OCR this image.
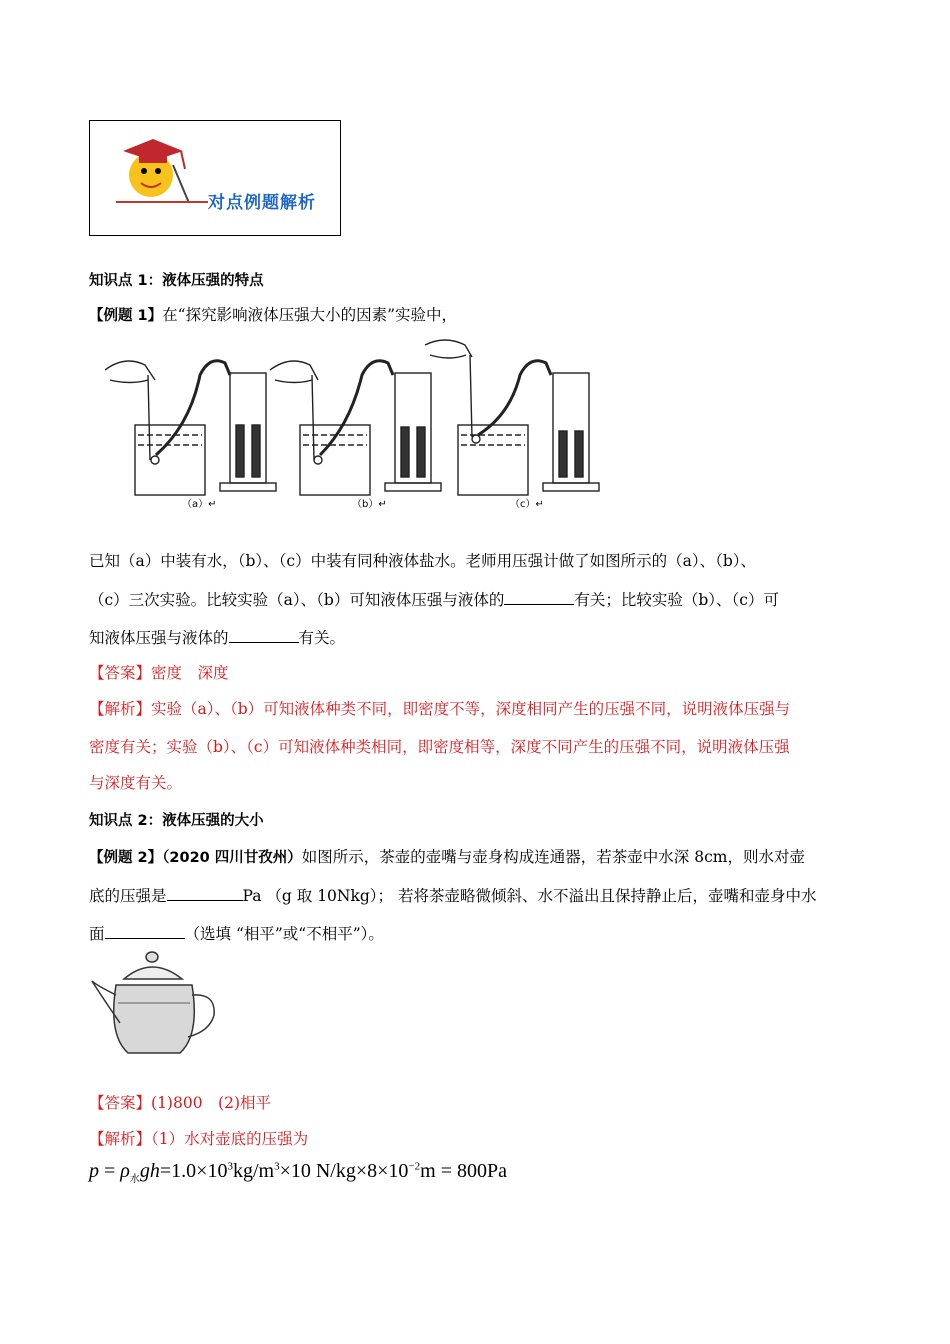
对点例题解析
知识点 1：液体压强的特点
【例题 1】在“探究影响液体压强大小的因素”实验中，
（a）↵	（b）↵	（c）↵
已知（a）中装有水，（b）、（c）中装有同种液体盐水。老师用压强计做了如图所示的（a）、（b）、
（c）三次实验。比较实验（a）、（b）可知液体压强与液体的	有关；比较实验（b）、（c）可
知液体压强与液体的	有关。
【答案】密度　深度
【解析】实验（a）、（b）可知液体种类不同，即密度不等，深度相同产生的压强不同，说明液体压强与
密度有关；实验（b）、（c）可知液体种类相同，即密度相等，深度不同产生的压强不同，说明液体压强
与深度有关。
知识点 2：液体压强的大小
【例题 2】（2020 四川甘孜州）如图所示，茶壶的壶嘴与壶身构成连通器，若茶壶中水深 8cm，则水对壶
底的压强是	Pa （g 取 10Nkg）； 若将茶壶略微倾斜、水不溢出且保持静止后，壶嘴和壶身中水
面	（选填 “相平”或“不相平”）。
【答案】(1)800　(2)相平
【解析】（1）水对壶底的压强为
$p = \rho_水gh=1.0\times 10^3kg/m^3\times 10$ $N/kg\times 8\times 10^{-2}m = 800Pa$
